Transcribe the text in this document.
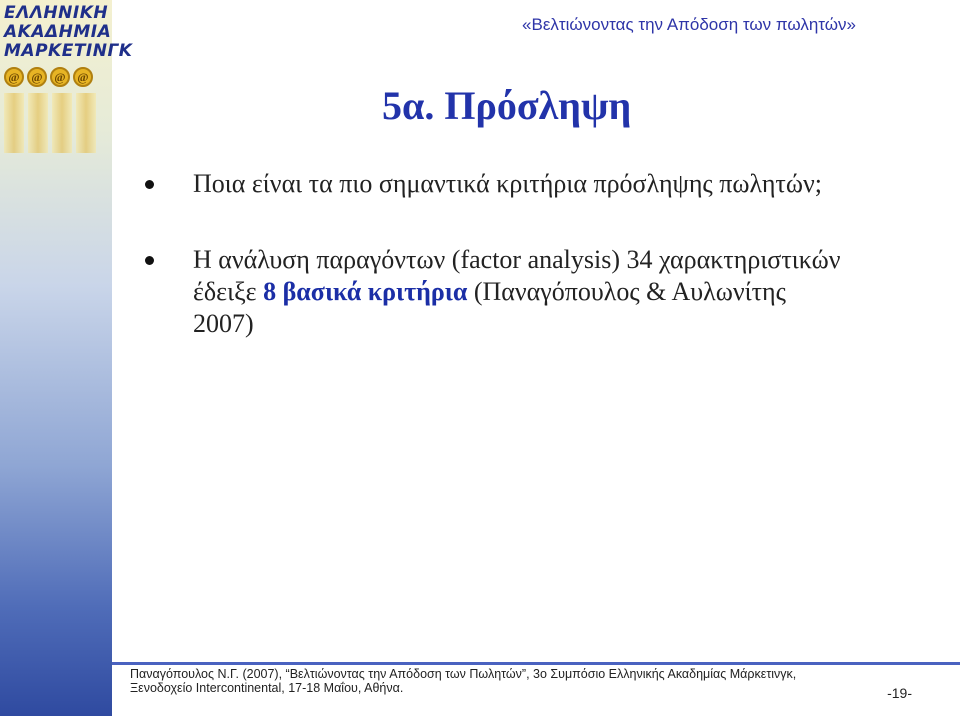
ΕΛΛΗΝΙΚΗ
ΑΚΑΔΗΜΙΑ
ΜΑΡΚΕΤΙΝΓΚ
@ @ @ @
«Βελτιώνοντας την Απόδοση των πωλητών»
5α. Πρόσληψη
Ποια είναι τα πιο σημαντικά κριτήρια πρόσληψης πωλητών;
Η ανάλυση παραγόντων (factor analysis) 34 χαρακτηριστικών έδειξε 8 βασικά κριτήρια (Παναγόπουλος & Αυλωνίτης 2007)
Παναγόπουλος Ν.Γ. (2007), “Βελτιώνοντας την Απόδοση των Πωλητών”, 3ο Συμπόσιο Ελληνικής Ακαδημίας Μάρκετινγκ, Ξενοδοχείο Intercontinental, 17-18 Μαΐου, Αθήνα.	-19-
